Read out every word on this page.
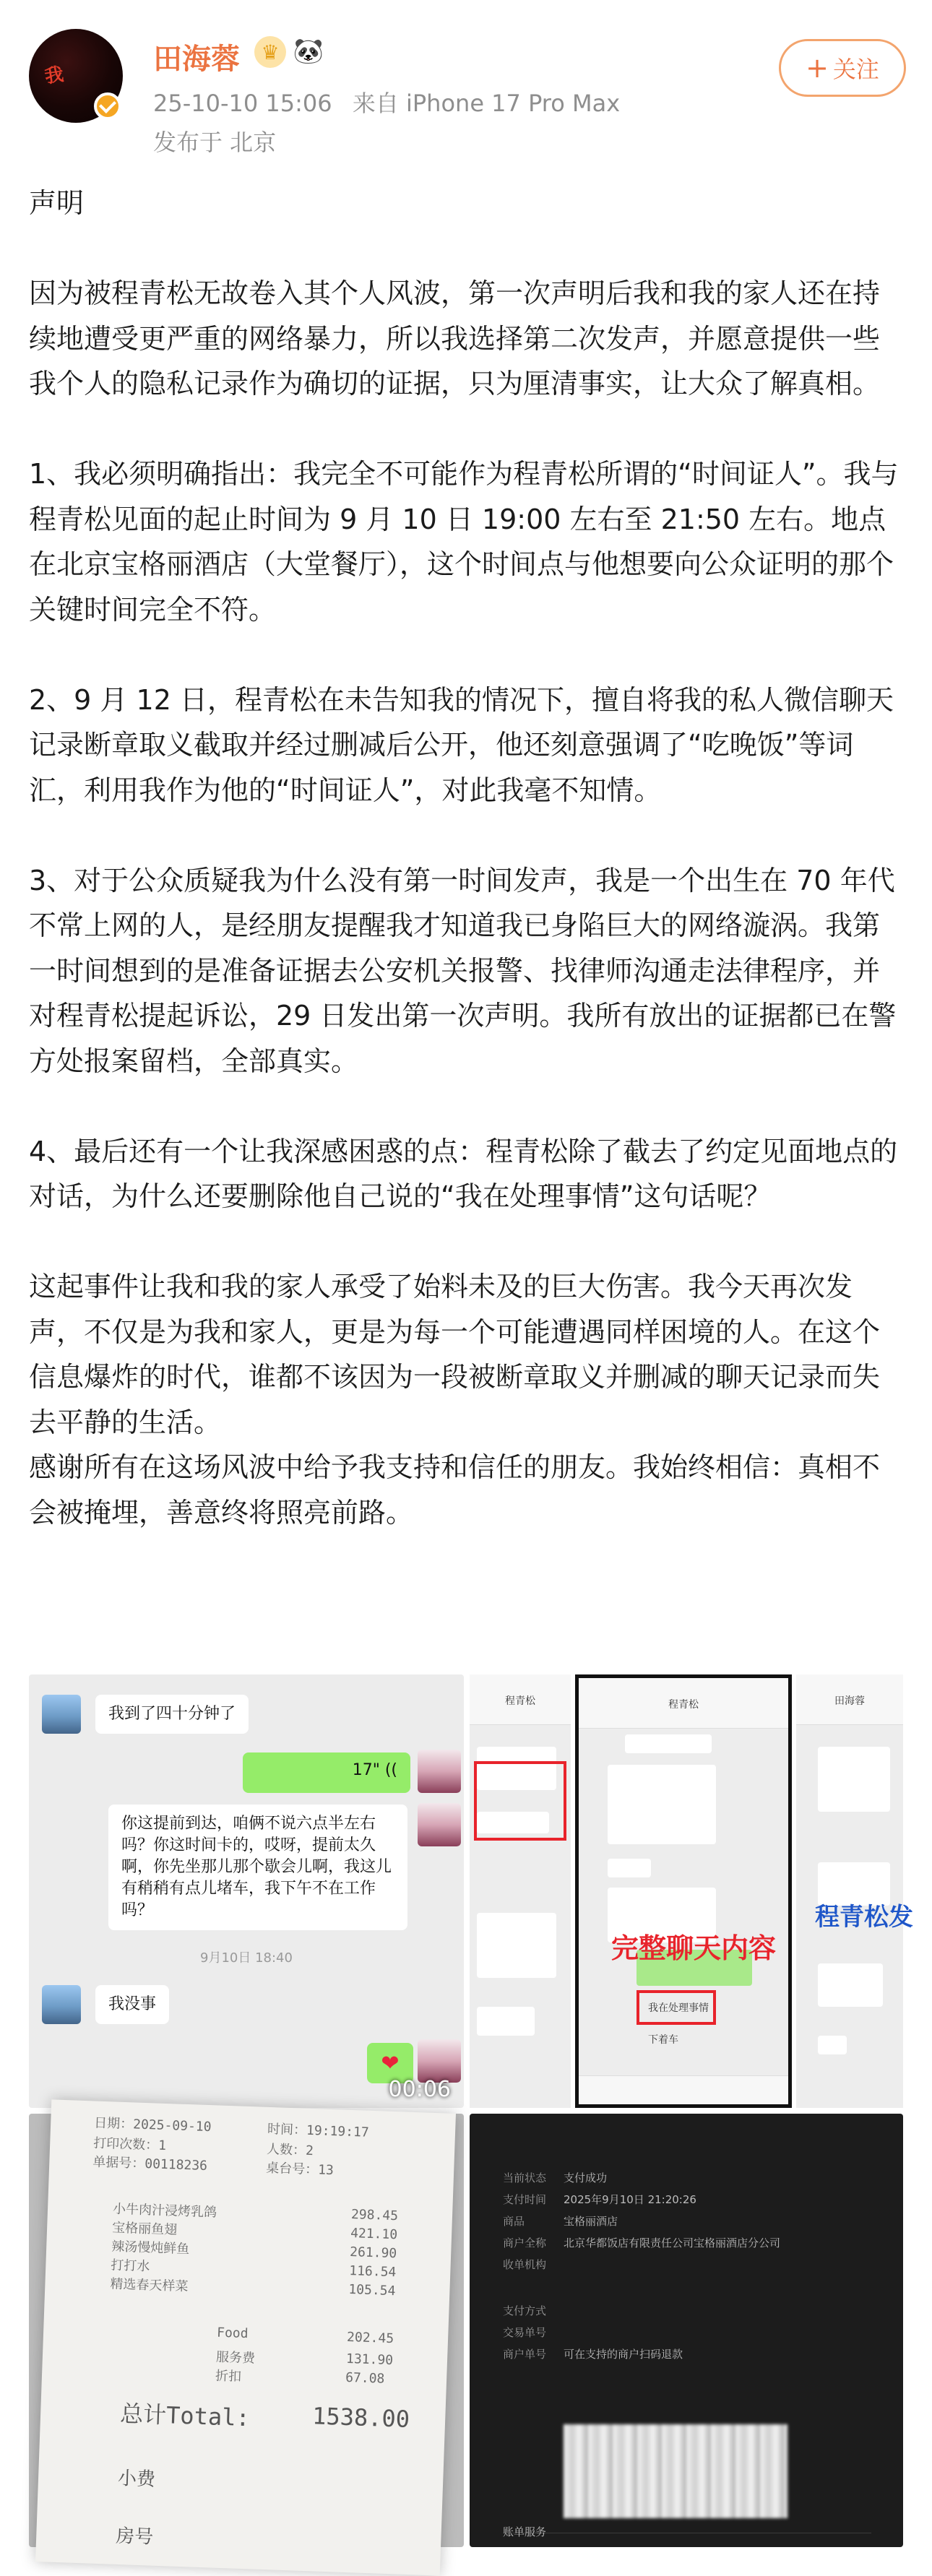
我	田海蓉	♛ 🐼
25-10-10 15:06 来自 iPhone 17 Pro Max
发布于 北京
+ 关注
声明
因为被程青松无故卷入其个人风波，第一次声明后我和我的家人还在持续地遭受更严重的网络暴力，所以我选择第二次发声，并愿意提供一些我个人的隐私记录作为确切的证据，只为厘清事实，让大众了解真相。
1、我必须明确指出：我完全不可能作为程青松所谓的“时间证人”。我与程青松见面的起止时间为 9 月 10 日 19:00 左右至 21:50 左右。地点在北京宝格丽酒店（大堂餐厅），这个时间点与他想要向公众证明的那个关键时间完全不符。
2、9 月 12 日，程青松在未告知我的情况下，擅自将我的私人微信聊天记录断章取义截取并经过删减后公开，他还刻意强调了“吃晚饭”等词汇，利用我作为他的“时间证人”，对此我毫不知情。
3、对于公众质疑我为什么没有第一时间发声，我是一个出生在 70 年代不常上网的人，是经朋友提醒我才知道我已身陷巨大的网络漩涡。我第一时间想到的是准备证据去公安机关报警、找律师沟通走法律程序，并对程青松提起诉讼，29 日发出第一次声明。我所有放出的证据都已在警方处报案留档，全部真实。
4、最后还有一个让我深感困惑的点：程青松除了截去了约定见面地点的对话，为什么还要删除他自己说的“我在处理事情”这句话呢？
这起事件让我和我的家人承受了始料未及的巨大伤害。我今天再次发声，不仅是为我和家人，更是为每一个可能遭遇同样困境的人。在这个信息爆炸的时代，谁都不该因为一段被断章取义并删减的聊天记录而失去平静的生活。
感谢所有在这场风波中给予我支持和信任的朋友。我始终相信：真相不会被掩埋，善意终将照亮前路。
我到了四十分钟了
17" ((
你这提前到达，咱俩不说六点半左右吗？你这时间卡的，哎呀，提前太久啊，你先坐那儿那个歇会儿啊，我这儿有稍稍有点儿堵车，我下午不在工作吗？
9月10日 18:40
我没事
❤
00:06
程青松	程青松
我在处理事情
下着车
完整聊天内容
田海蓉
程青松发
日期：2025-09-10	时间：19:19:17
打印次数：1	人数：2
单据号：00118236	桌台号：13
小牛肉汁浸烤乳鸽	298.45
宝格丽鱼翅	421.10
辣汤慢炖鲜鱼	261.90
打打水	116.54
精选春天样菜	105.54
Food	202.45
服务费	131.90
折扣	67.08
总计Total:	1538.00
小费
房号
当前状态 支付成功
支付时间 2025年9月10日 21:20:26
商品	宝格丽酒店
商户全称 北京华都饭店有限责任公司宝格丽酒店分公司
收单机构
支付方式
交易单号
商户单号 可在支持的商户扫码退款
账单服务
